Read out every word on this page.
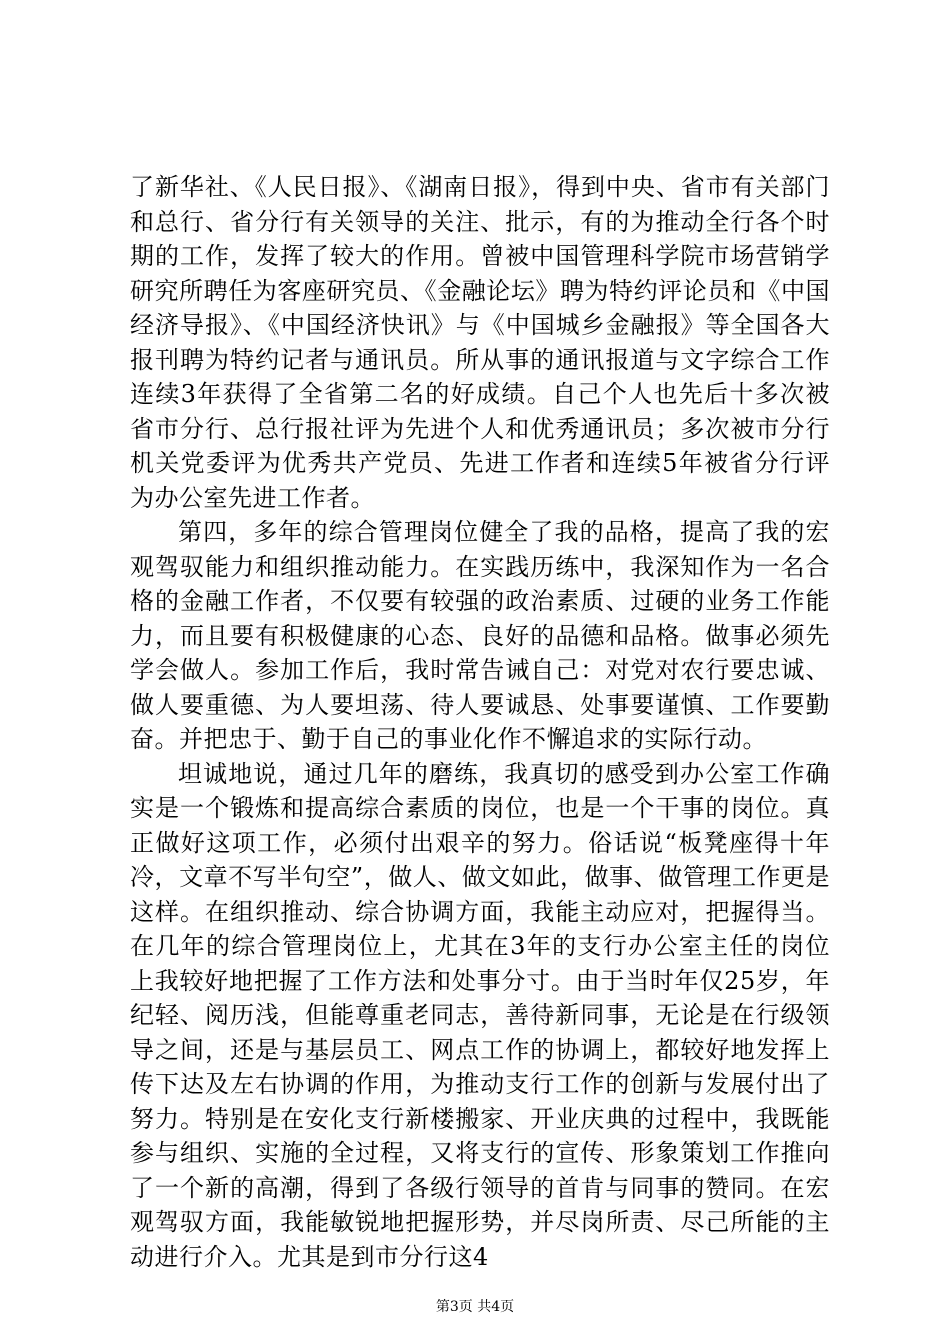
了新华社、《人民日报》、《湖南日报》，得到中央、省市有关部门和总行、省分行有关领导的关注、批示，有的为推动全行各个时期的工作，发挥了较大的作用。曾被中国管理科学院市场营销学研究所聘任为客座研究员、《金融论坛》聘为特约评论员和《中国经济导报》、《中国经济快讯》与《中国城乡金融报》等全国各大报刊聘为特约记者与通讯员。所从事的通讯报道与文字综合工作连续3年获得了全省第二名的好成绩。自己个人也先后十多次被省市分行、总行报社评为先进个人和优秀通讯员；多次被市分行机关党委评为优秀共产党员、先进工作者和连续5年被省分行评为办公室先进工作者。

第四，多年的综合管理岗位健全了我的品格，提高了我的宏观驾驭能力和组织推动能力。在实践历练中，我深知作为一名合格的金融工作者，不仅要有较强的政治素质、过硬的业务工作能力，而且要有积极健康的心态、良好的品德和品格。做事必须先学会做人。参加工作后，我时常告诫自己：对党对农行要忠诚、做人要重德、为人要坦荡、待人要诚恳、处事要谨慎、工作要勤奋。并把忠于、勤于自己的事业化作不懈追求的实际行动。

坦诚地说，通过几年的磨练，我真切的感受到办公室工作确实是一个锻炼和提高综合素质的岗位，也是一个干事的岗位。真正做好这项工作，必须付出艰辛的努力。俗话说“板凳座得十年冷，文章不写半句空”，做人、做文如此，做事、做管理工作更是这样。在组织推动、综合协调方面，我能主动应对，把握得当。在几年的综合管理岗位上，尤其在3年的支行办公室主任的岗位上我较好地把握了工作方法和处事分寸。由于当时年仅25岁，年纪轻、阅历浅，但能尊重老同志，善待新同事，无论是在行级领导之间，还是与基层员工、网点工作的协调上，都较好地发挥上传下达及左右协调的作用，为推动支行工作的创新与发展付出了努力。特别是在安化支行新楼搬家、开业庆典的过程中，我既能参与组织、实施的全过程，又将支行的宣传、形象策划工作推向了一个新的高潮，得到了各级行领导的首肯与同事的赞同。在宏观驾驭方面，我能敏锐地把握形势，并尽岗所责、尽己所能的主动进行介入。尤其是到市分行这4

第3页 共4页
